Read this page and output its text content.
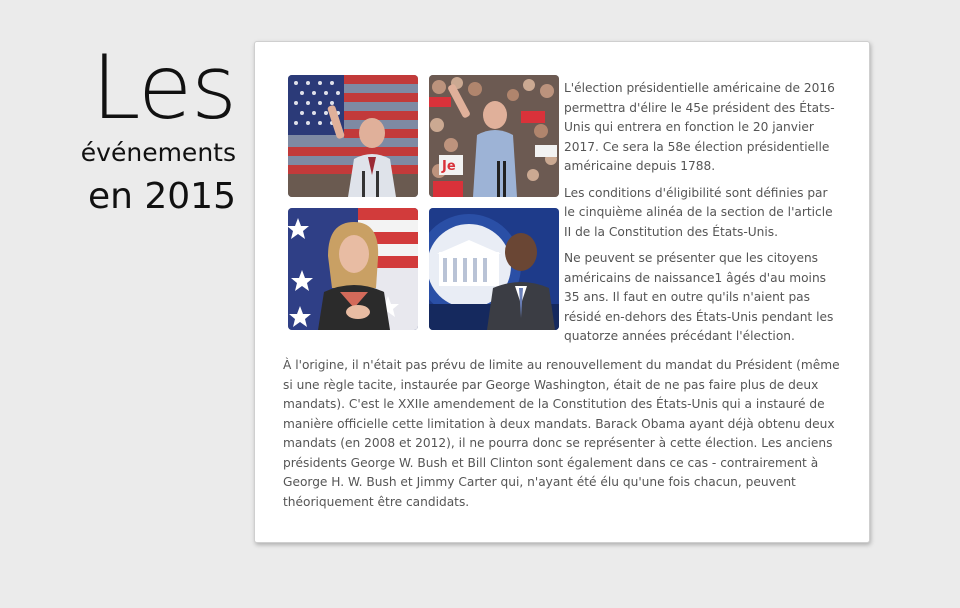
Les
événements
en 2015
Je

L'élection présidentielle américaine de 2016 permettra d'élire le 45e président des États-Unis qui entrera en fonction le 20 janvier 2017. Ce sera la 58e élection présidentielle américaine depuis 1788.

Les conditions d'éligibilité sont définies par le cinquième alinéa de la section de l'article II de la Constitution des États-Unis.

Ne peuvent se présenter que les citoyens américains de naissance1 âgés d'au moins 35 ans. Il faut en outre qu'ils n'aient pas résidé en-dehors des États-Unis pendant les quatorze années précédant l'élection.

À l'origine, il n'était pas prévu de limite au renouvellement du mandat du Président (même si une règle tacite, instaurée par George Washington, était de ne pas faire plus de deux mandats). C'est le XXIIe amendement de la Constitution des États-Unis qui a instauré de manière officielle cette limitation à deux mandats. Barack Obama ayant déjà obtenu deux mandats (en 2008 et 2012), il ne pourra donc se représenter à cette élection. Les anciens présidents George W. Bush et Bill Clinton sont également dans ce cas - contrairement à George H. W. Bush et Jimmy Carter qui, n'ayant été élu qu'une fois chacun, peuvent théoriquement être candidats.
